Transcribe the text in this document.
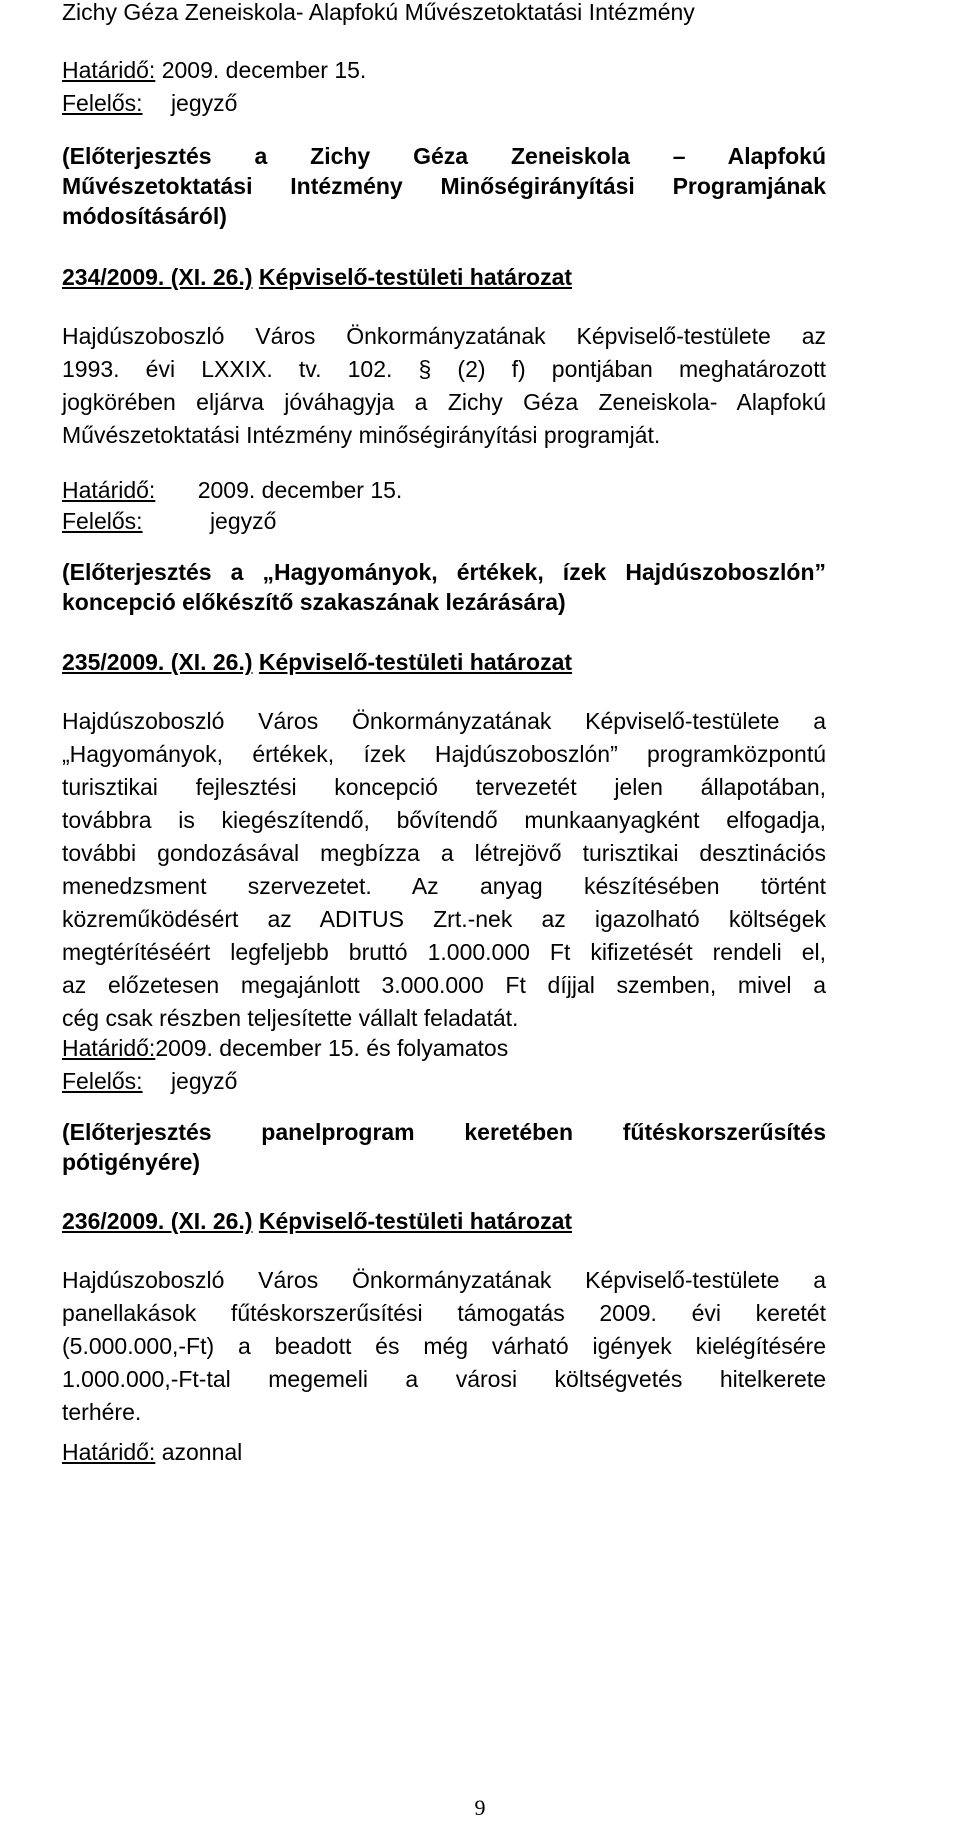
Zichy Géza Zeneiskola- Alapfokú Művészetoktatási Intézmény
Határidő: 2009. december 15.
Felelős: jegyző
(Előterjesztés a Zichy Géza Zeneiskola – Alapfokú
Művészetoktatási Intézmény Minőségirányítási Programjának
módosításáról)
234/2009. (XI. 26.) Képviselő-testületi határozat
Hajdúszoboszló Város Önkormányzatának Képviselő-testülete az
1993. évi LXXIX. tv. 102. § (2) f) pontjában meghatározott
jogkörében eljárva jóváhagyja a Zichy Géza Zeneiskola- Alapfokú
Művészetoktatási Intézmény minőségirányítási programját.
Határidő: 2009. december 15.
Felelős:	jegyző
(Előterjesztés a „Hagyományok, értékek, ízek Hajdúszoboszlón”
koncepció előkészítő szakaszának lezárására)
235/2009. (XI. 26.) Képviselő-testületi határozat
Hajdúszoboszló Város Önkormányzatának Képviselő-testülete a
„Hagyományok, értékek, ízek Hajdúszoboszlón” programközpontú
turisztikai fejlesztési koncepció tervezetét jelen állapotában,
továbbra is kiegészítendő, bővítendő munkaanyagként elfogadja,
további gondozásával megbízza a létrejövő turisztikai desztinációs
menedzsment szervezetet. Az anyag készítésében történt
közreműködésért az ADITUS Zrt.-nek az igazolható költségek
megtérítéséért legfeljebb bruttó 1.000.000 Ft kifizetését rendeli el,
az előzetesen megajánlott 3.000.000 Ft díjjal szemben, mivel a
cég csak részben teljesítette vállalt feladatát.
Határidő:2009. december 15. és folyamatos
Felelős: jegyző
(Előterjesztés panelprogram keretében fűtéskorszerűsítés
pótigényére)
236/2009. (XI. 26.) Képviselő-testületi határozat
Hajdúszoboszló Város Önkormányzatának Képviselő-testülete a
panellakások fűtéskorszerűsítési támogatás 2009. évi keretét
(5.000.000,-Ft) a beadott és még várható igények kielégítésére
1.000.000,-Ft-tal megemeli a városi költségvetés hitelkerete
terhére.
Határidő: azonnal
9
